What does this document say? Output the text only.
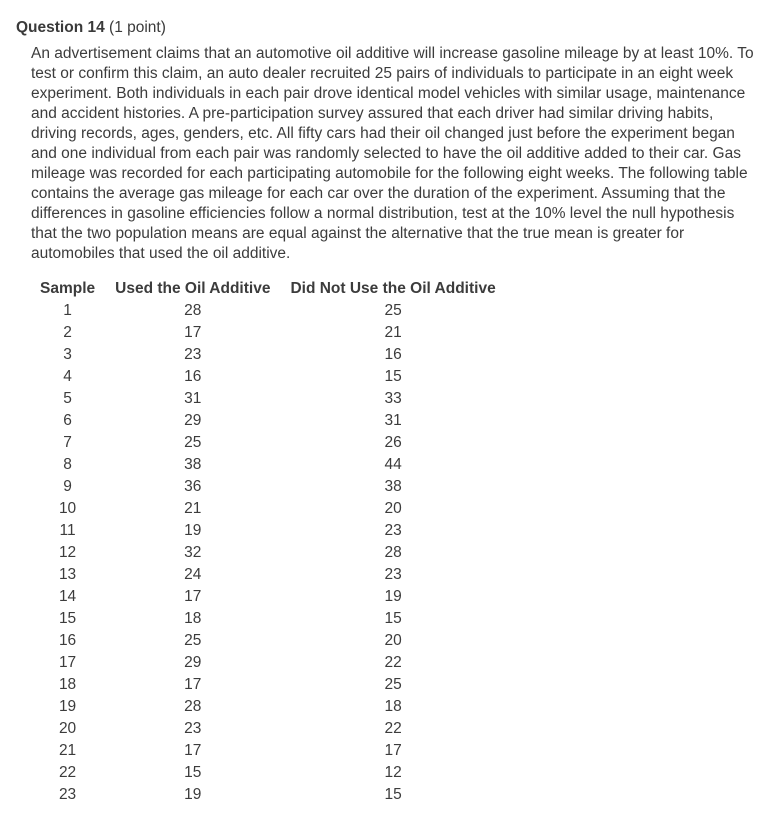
Question 14 (1 point)

An advertisement claims that an automotive oil additive will increase gasoline mileage by at least 10%. To test or confirm this claim, an auto dealer recruited 25 pairs of individuals to participate in an eight week experiment. Both individuals in each pair drove identical model vehicles with similar usage, maintenance and accident histories. A pre-participation survey assured that each driver had similar driving habits, driving records, ages, genders, etc. All fifty cars had their oil changed just before the experiment began and one individual from each pair was randomly selected to have the oil additive added to their car. Gas mileage was recorded for each participating automobile for the following eight weeks. The following table contains the average gas mileage for each car over the duration of the experiment. Assuming that the differences in gasoline efficiencies follow a normal distribution, test at the 10% level the null hypothesis that the two population means are equal against the alternative that the true mean is greater for automobiles that used the oil additive.

Sample	Used the Oil Additive	Did Not Use the Oil Additive
1	28	25
2	17	21
3	23	16
4	16	15
5	31	33
6	29	31
7	25	26
8	38	44
9	36	38
10	21	20
11	19	23
12	32	28
13	24	23
14	17	19
15	18	15
16	25	20
17	29	22
18	17	25
19	28	18
20	23	22
21	17	17
22	15	12
23	19	15
